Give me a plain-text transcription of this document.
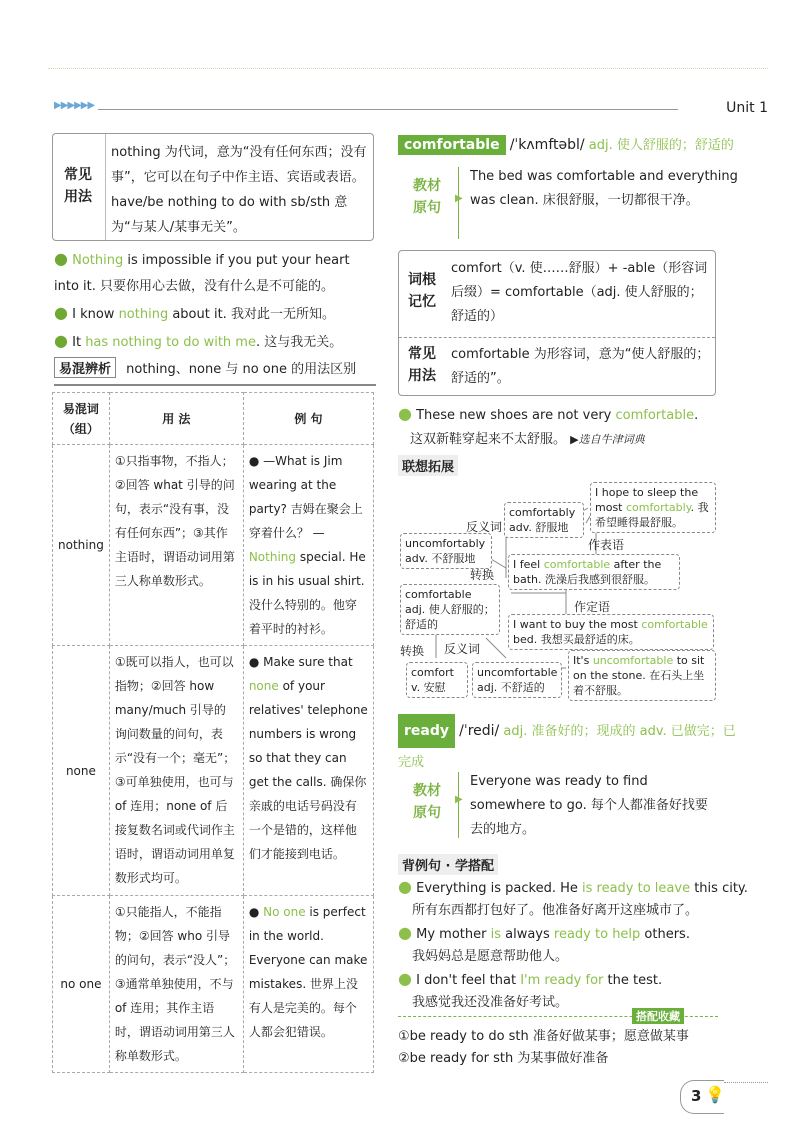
▶▶▶▶▶▶	Unit 1
常见用法
nothing 为代词，意为“没有任何东西；没有事”，它可以在句子中作主语、宾语或表语。have/be nothing to do with sb/sth 意为“与某人/某事无关”。
● Nothing is impossible if you put your heart into it. 只要你用心去做，没有什么是不可能的。
● I know nothing about it. 我对此一无所知。
● It has nothing to do with me. 这与我无关。
易混辨析 nothing、none 与 no one 的用法区别
易混词（组）	用 法	例 句
nothing	①只指事物，不指人；②回答 what 引导的问句，表示“没有事，没有任何东西”；③其作主语时，谓语动词用第三人称单数形式。	● —What is Jim wearing at the party? 吉姆在聚会上穿着什么？ —Nothing special. He is in his usual shirt. 没什么特别的。他穿着平时的衬衫。
none	①既可以指人，也可以指物；②回答 how many/much 引导的询问数量的问句，表示“没有一个；毫无”；③可单独使用，也可与 of 连用；none of 后接复数名词或代词作主语时，谓语动词用单复数形式均可。	● Make sure that none of your relatives' telephone numbers is wrong so that they can get the calls. 确保你亲戚的电话号码没有一个是错的，这样他们才能接到电话。
no one	①只能指人，不能指物；②回答 who 引导的问句，表示“没人”；③通常单独使用，不与 of 连用；其作主语时，谓语动词用第三人称单数形式。	● No one is perfect in the world. Everyone can make mistakes. 世界上没有人是完美的。每个人都会犯错误。
comfortable /ˈkʌmftəbl/ adj. 使人舒服的；舒适的
教材原句
▶
The bed was comfortable and everything was clean. 床很舒服，一切都很干净。
词根记忆
comfort（v. 使……舒服）+ -able（形容词后缀）= comfortable（adj. 使人舒服的；舒适的）
常见用法
comfortable 为形容词，意为“使人舒服的；舒适的”。
● These new shoes are not very comfortable.
这双新鞋穿起来不太舒服。 ▶选自牛津词典
联想拓展
comfortably adv. 舒服地
uncomfortably adv. 不舒服地
comfortable adj. 使人舒服的；舒适的
comfort v. 安慰
uncomfortable adj. 不舒适的
反义词
转换
转换 反义词
作表语
作定语
I hope to sleep the most comfortably. 我希望睡得最舒服。
I feel comfortable after the bath. 洗澡后我感到很舒服。
I want to buy the most comfortable bed. 我想买最舒适的床。
It's uncomfortable to sit on the stone. 在石头上坐着不舒服。
ready /ˈredi/ adj. 准备好的；现成的 adv. 已做完；已完成
教材原句
▶
Everyone was ready to find somewhere to go. 每个人都准备好找要去的地方。
背例句 · 学搭配
● Everything is packed. He is ready to leave this city.
所有东西都打包好了。他准备好离开这座城市了。
● My mother is always ready to help others.
我妈妈总是愿意帮助他人。
● I don't feel that I'm ready for the test.
我感觉我还没准备好考试。
搭配收藏
①be ready to do sth 准备好做某事；愿意做某事
②be ready for sth 为某事做好准备
3 💡
